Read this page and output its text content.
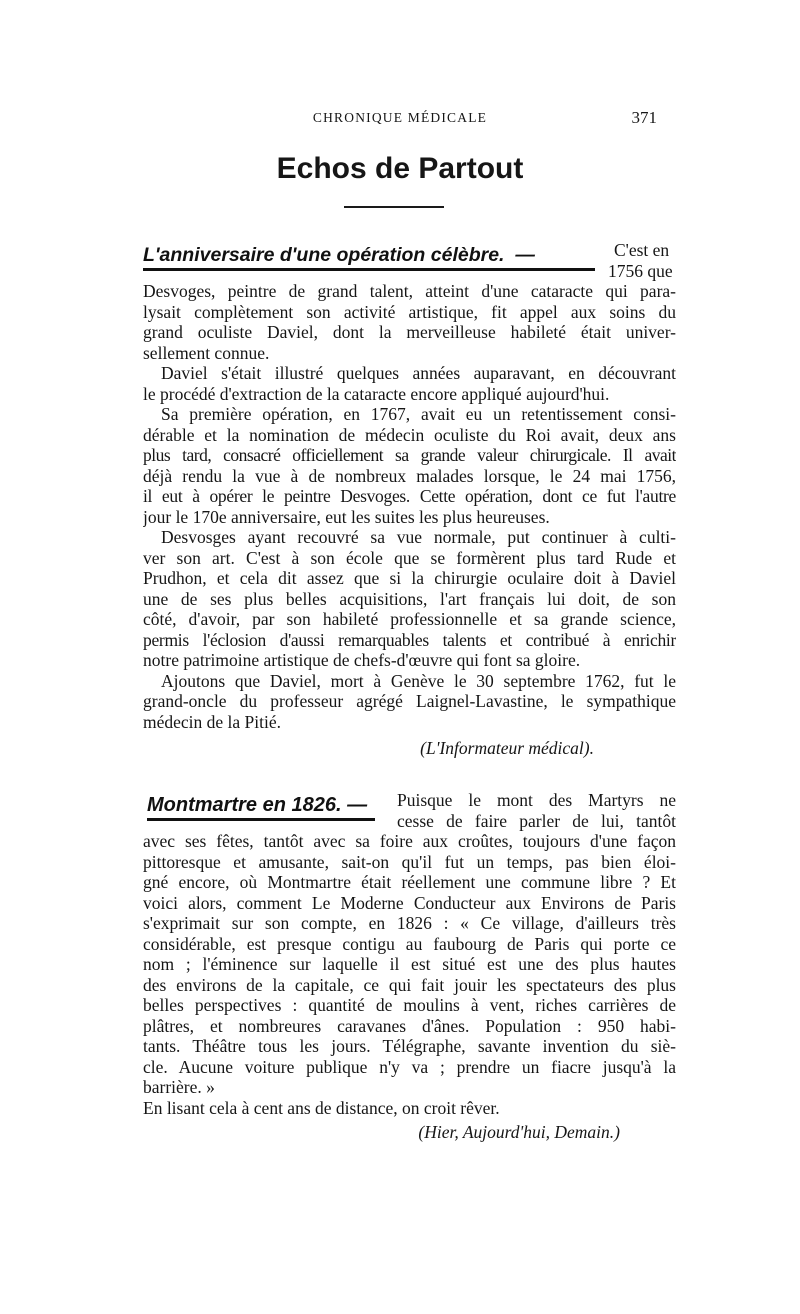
CHRONIQUE MÉDICALE	371
Echos de Partout
L'anniversaire d'une opération célèbre. —	C'est en
1756 que
Desvoges, peintre de grand talent, atteint d'une cataracte qui para-
lysait complètement son activité artistique, fit appel aux soins du
grand oculiste Daviel, dont la merveilleuse habileté était univer-
sellement connue.
Daviel s'était illustré quelques années auparavant, en découvrant
le procédé d'extraction de la cataracte encore appliqué aujourd'hui.
Sa première opération, en 1767, avait eu un retentissement consi-
dérable et la nomination de médecin oculiste du Roi avait, deux ans
plus tard, consacré officiellement sa grande valeur chirurgicale. Il avait
déjà rendu la vue à de nombreux malades lorsque, le 24 mai 1756,
il eut à opérer le peintre Desvoges. Cette opération, dont ce fut l'autre
jour le 170e anniversaire, eut les suites les plus heureuses.
Desvosges ayant recouvré sa vue normale, put continuer à culti-
ver son art. C'est à son école que se formèrent plus tard Rude et
Prudhon, et cela dit assez que si la chirurgie oculaire doit à Daviel
une de ses plus belles acquisitions, l'art français lui doit, de son
côté, d'avoir, par son habileté professionnelle et sa grande science,
permis l'éclosion d'aussi remarquables talents et contribué à enrichir
notre patrimoine artistique de chefs-d'œuvre qui font sa gloire.
Ajoutons que Daviel, mort à Genève le 30 septembre 1762, fut le
grand-oncle du professeur agrégé Laignel-Lavastine, le sympathique
médecin de la Pitié.
(L'Informateur médical).
Montmartre en 1826. — Puisque le mont des Martyrs ne
cesse de faire parler de lui, tantôt
avec ses fêtes, tantôt avec sa foire aux croûtes, toujours d'une façon
pittoresque et amusante, sait-on qu'il fut un temps, pas bien éloi-
gné encore, où Montmartre était réellement une commune libre ? Et
voici alors, comment Le Moderne Conducteur aux Environs de Paris
s'exprimait sur son compte, en 1826 : « Ce village, d'ailleurs très
considérable, est presque contigu au faubourg de Paris qui porte ce
nom ; l'éminence sur laquelle il est situé est une des plus hautes
des environs de la capitale, ce qui fait jouir les spectateurs des plus
belles perspectives : quantité de moulins à vent, riches carrières de
plâtres, et nombreures caravanes d'ânes. Population : 950 habi-
tants. Théâtre tous les jours. Télégraphe, savante invention du siè-
cle. Aucune voiture publique n'y va ; prendre un fiacre jusqu'à la
barrière. »
En lisant cela à cent ans de distance, on croit rêver.
(Hier, Aujourd'hui, Demain.)
